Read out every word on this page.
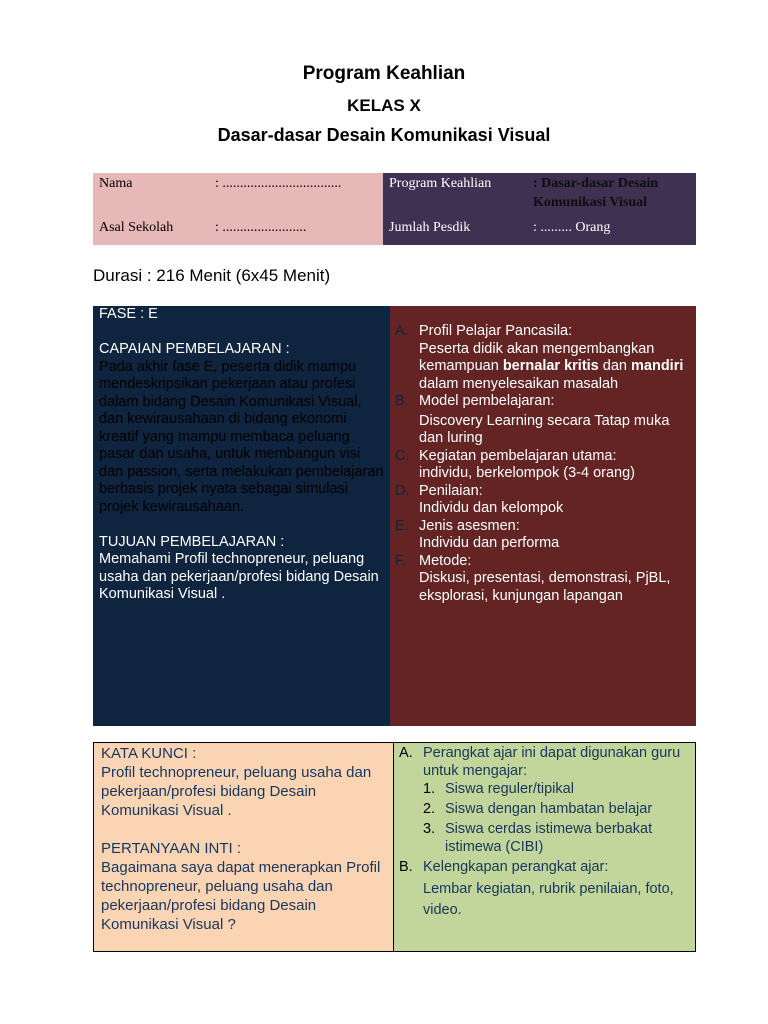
Program Keahlian
KELAS X
Dasar-dasar Desain Komunikasi Visual
Nama	: ..................................
Asal Sekolah	: ........................
Program Keahlian	: Dasar-dasar Desain
Komunikasi Visual
Jumlah Pesdik	: ......... Orang
Durasi : 216 Menit (6x45 Menit)
FASE : E
CAPAIAN PEMBELAJARAN :
Pada akhir fase E, peserta didik mampu mendeskripsikan pekerjaan atau profesi dalam bidang Desain Komunikasi Visual, dan kewirausahaan di bidang ekonomi kreatif yang mampu membaca peluang pasar dan usaha, untuk membangun visi dan passion, serta melakukan pembelajaran berbasis projek nyata sebagai simulasi projek kewirausahaan.
TUJUAN PEMBELAJARAN :
Memahami Profil technopreneur, peluang usaha dan pekerjaan/profesi bidang Desain Komunikasi Visual .
A. Profil Pelajar Pancasila:
Peserta didik akan mengembangkan kemampuan bernalar kritis dan mandiri dalam menyelesaikan masalah
B. Model pembelajaran:
Discovery Learning secara Tatap muka dan luring
C. Kegiatan pembelajaran utama:
individu, berkelompok (3-4 orang)
D. Penilaian:
Individu dan kelompok
E. Jenis asesmen:
Individu dan performa
F. Metode:
Diskusi, presentasi, demonstrasi, PjBL, eksplorasi, kunjungan lapangan
KATA KUNCI :
Profil technopreneur, peluang usaha dan pekerjaan/profesi bidang Desain Komunikasi Visual .
PERTANYAAN INTI :
Bagaimana saya dapat menerapkan Profil technopreneur, peluang usaha dan pekerjaan/profesi bidang Desain Komunikasi Visual ?
A. Perangkat ajar ini dapat digunakan guru untuk mengajar:
1. Siswa reguler/tipikal
2. Siswa dengan hambatan belajar
3. Siswa cerdas istimewa berbakat istimewa (CIBI)
B. Kelengkapan perangkat ajar:
Lembar kegiatan, rubrik penilaian, foto, video.
